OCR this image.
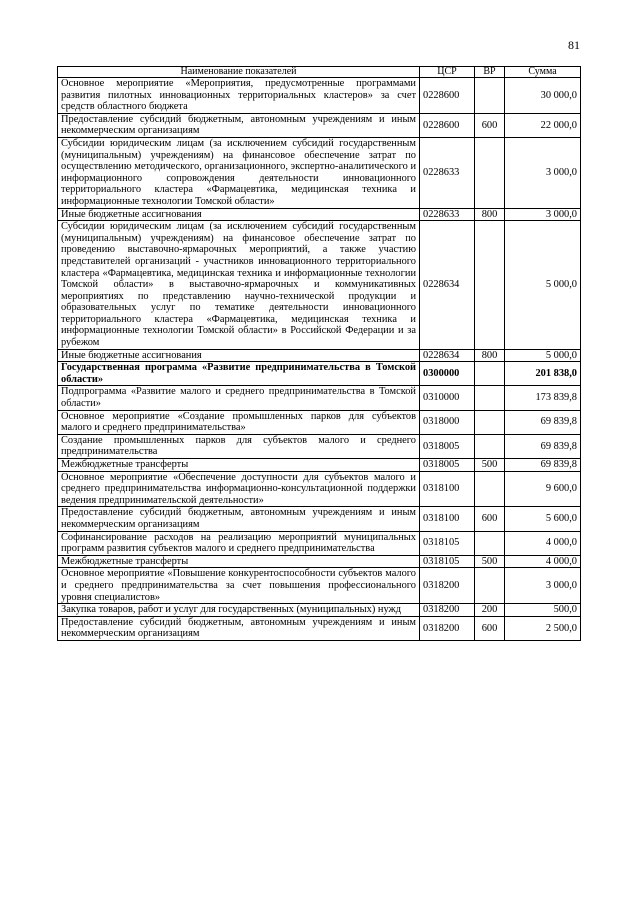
81
Наименование показателей	ЦСР	ВР	Сумма
Основное мероприятие «Мероприятия, предусмотренные программами развития пилотных инновационных территориальных кластеров» за счет средств областного бюджета	0228600		30 000,0
Предоставление субсидий бюджетным, автономным учреждениям и иным некоммерческим организациям	0228600	600	22 000,0
Субсидии юридическим лицам (за исключением субсидий государственным (муниципальным) учреждениям) на финансовое обеспечение затрат по осуществлению методического, организационного, экспертно-аналитического и информационного сопровождения деятельности инновационного территориального кластера «Фармацевтика, медицинская техника и информационные технологии Томской области»	0228633		3 000,0
Иные бюджетные ассигнования	0228633	800	3 000,0
Субсидии юридическим лицам (за исключением субсидий государственным (муниципальным) учреждениям) на финансовое обеспечение затрат по проведению выставочно-ярмарочных мероприятий, а также участию представителей организаций - участников инновационного территориального кластера «Фармацевтика, медицинская техника и информационные технологии Томской области» в выставочно-ярмарочных и коммуникативных мероприятиях по представлению научно-технической продукции и образовательных услуг по тематике деятельности инновационного территориального кластера «Фармацевтика, медицинская техника и информационные технологии Томской области» в Российской Федерации и за рубежом	0228634		5 000,0
Иные бюджетные ассигнования	0228634	800	5 000,0
Государственная программа «Развитие предпринимательства в Томской области»	0300000		201 838,0
Подпрограмма «Развитие малого и среднего предпринимательства в Томской области»	0310000		173 839,8
Основное мероприятие «Создание промышленных парков для субъектов малого и среднего предпринимательства»	0318000		69 839,8
Создание промышленных парков для субъектов малого и среднего предпринимательства	0318005		69 839,8
Межбюджетные трансферты	0318005	500	69 839,8
Основное мероприятие «Обеспечение доступности для субъектов малого и среднего предпринимательства информационно-консультационной поддержки ведения предпринимательской деятельности»	0318100		9 600,0
Предоставление субсидий бюджетным, автономным учреждениям и иным некоммерческим организациям	0318100	600	5 600,0
Софинансирование расходов на реализацию мероприятий муниципальных программ развития субъектов малого и среднего предпринимательства	0318105		4 000,0
Межбюджетные трансферты	0318105	500	4 000,0
Основное мероприятие «Повышение конкурентоспособности субъектов малого и среднего предпринимательства за счет повышения профессионального уровня специалистов»	0318200		3 000,0
Закупка товаров, работ и услуг для государственных (муниципальных) нужд	0318200	200	500,0
Предоставление субсидий бюджетным, автономным учреждениям и иным некоммерческим организациям	0318200	600	2 500,0
